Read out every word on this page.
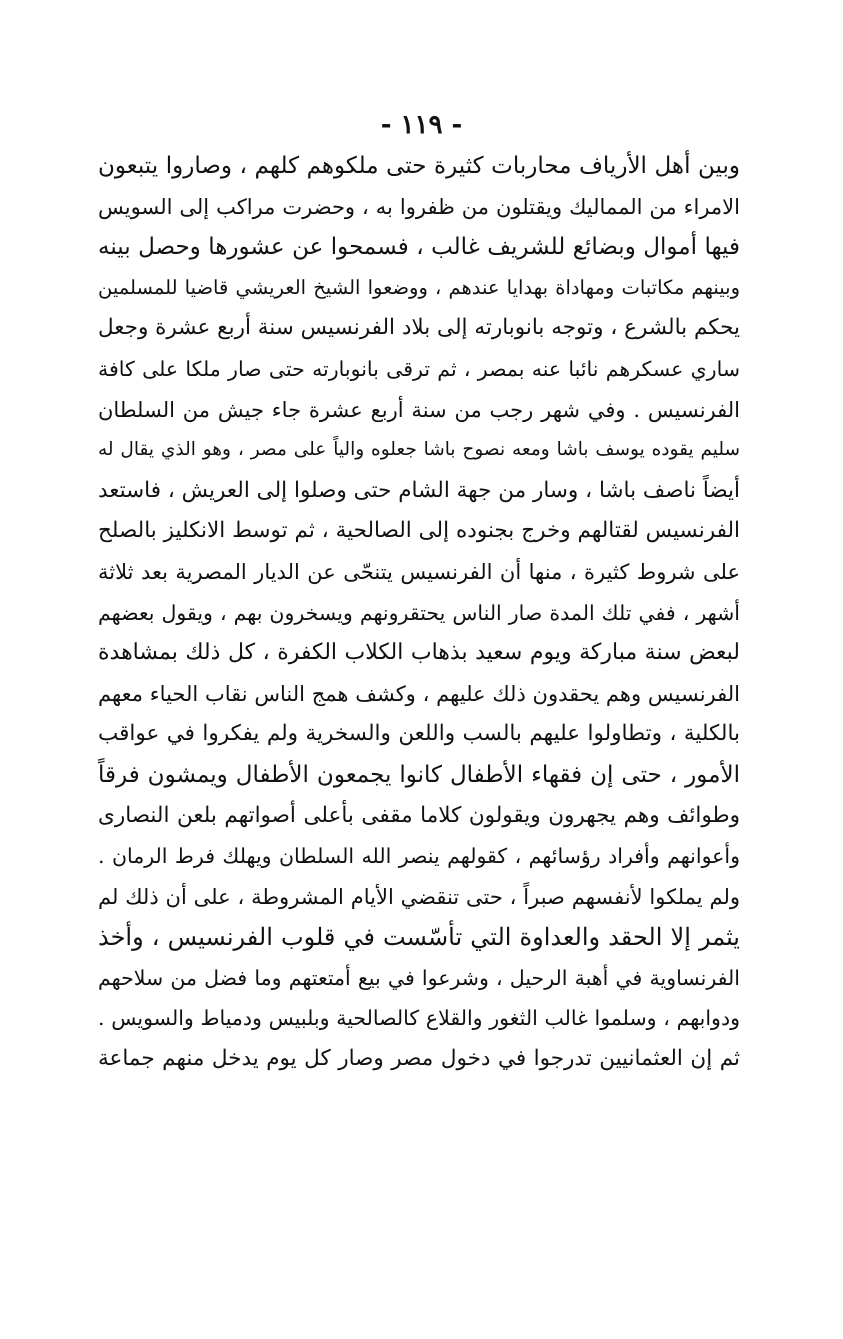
- ١١٩ -
وبين أهل الأرياف محاربات كثيرة حتى ملكوهم كلهم ، وصاروا يتبعون
الامراء من المماليك ويقتلون من ظفروا به ، وحضرت مراكب إلى السويس
فيها أموال وبضائع للشريف غالب ، فسمحوا عن عشورها وحصل بينه
وبينهم مكاتبات ومهاداة بهدايا عندهم ، ووضعوا الشيخ العريشي قاضيا للمسلمين
يحكم بالشرع ، وتوجه بانوبارته إلى بلاد الفرنسيس سنة أربع عشرة وجعل
ساري عسكرهم نائبا عنه بمصر ، ثم ترقى بانوبارته حتى صار ملكا على كافة
الفرنسيس . وفي شهر رجب من سنة أربع عشرة جاء جيش من السلطان
سليم يقوده يوسف باشا ومعه نصوح باشا جعلوه والياً على مصر ، وهو الذي يقال له
أيضاً ناصف باشا ، وسار من جهة الشام حتى وصلوا إلى العريش ، فاستعد
الفرنسيس لقتالهم وخرج بجنوده إلى الصالحية ، ثم توسط الانكليز بالصلح
على شروط كثيرة ، منها أن الفرنسيس يتنحّى عن الديار المصرية بعد ثلاثة
أشهر ، ففي تلك المدة صار الناس يحتقرونهم ويسخرون بهم ، ويقول بعضهم
لبعض سنة مباركة ويوم سعيد بذهاب الكلاب الكفرة ، كل ذلك بمشاهدة
الفرنسيس وهم يحقدون ذلك عليهم ، وكشف همج الناس نقاب الحياء معهم
بالكلية ، وتطاولوا عليهم بالسب واللعن والسخرية ولم يفكروا في عواقب
الأمور ، حتى إن فقهاء الأطفال كانوا يجمعون الأطفال ويمشون فرقاً
وطوائف وهم يجهرون ويقولون كلاما مقفى بأعلى أصواتهم بلعن النصارى
وأعوانهم وأفراد رؤسائهم ، كقولهم ينصر الله السلطان ويهلك فرط الرمان .
ولم يملكوا لأنفسهم صبراً ، حتى تنقضي الأيام المشروطة ، على أن ذلك لم
يثمر إلا الحقد والعداوة التي تأسّست في قلوب الفرنسيس ، وأخذ
الفرنساوية في أهبة الرحيل ، وشرعوا في بيع أمتعتهم وما فضل من سلاحهم
ودوابهم ، وسلموا غالب الثغور والقلاع كالصالحية وبلبيس ودمياط والسويس .
ثم إن العثمانيين تدرجوا في دخول مصر وصار كل يوم يدخل منهم جماعة
